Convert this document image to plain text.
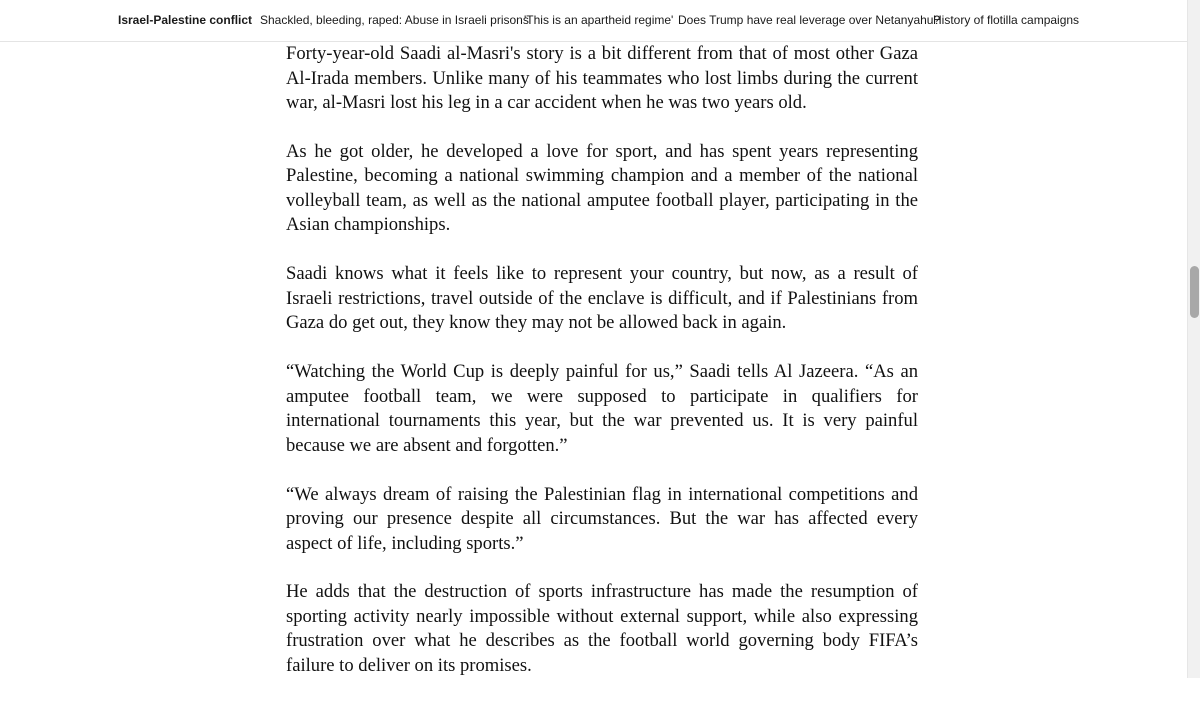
Israel-Palestine conflict Shackled, bleeding, raped: Abuse in Israeli prisons
'This is an apartheid regime' Does Trump have real leverage over Netanyahu?
History of flotilla campaigns

Forty-year-old Saadi al-Masri's story is a bit different from that of most other Gaza Al-Irada members. Unlike many of his teammates who lost limbs during the current war, al-Masri lost his leg in a car accident when he was two years old.

As he got older, he developed a love for sport, and has spent years representing Palestine, becoming a national swimming champion and a member of the national volleyball team, as well as the national amputee football player, participating in the Asian championships.

Saadi knows what it feels like to represent your country, but now, as a result of Israeli restrictions, travel outside of the enclave is difficult, and if Palestinians from Gaza do get out, they know they may not be allowed back in again.

“Watching the World Cup is deeply painful for us,” Saadi tells Al Jazeera. “As an amputee football team, we were supposed to participate in qualifiers for international tournaments this year, but the war prevented us. It is very painful because we are absent and forgotten.”

“We always dream of raising the Palestinian flag in international competitions and proving our presence despite all circumstances. But the war has affected every aspect of life, including sports.”

He adds that the destruction of sports infrastructure has made the resumption of sporting activity nearly impossible without external support, while also expressing frustration over what he describes as the football world governing body FIFA’s failure to deliver on its promises.
